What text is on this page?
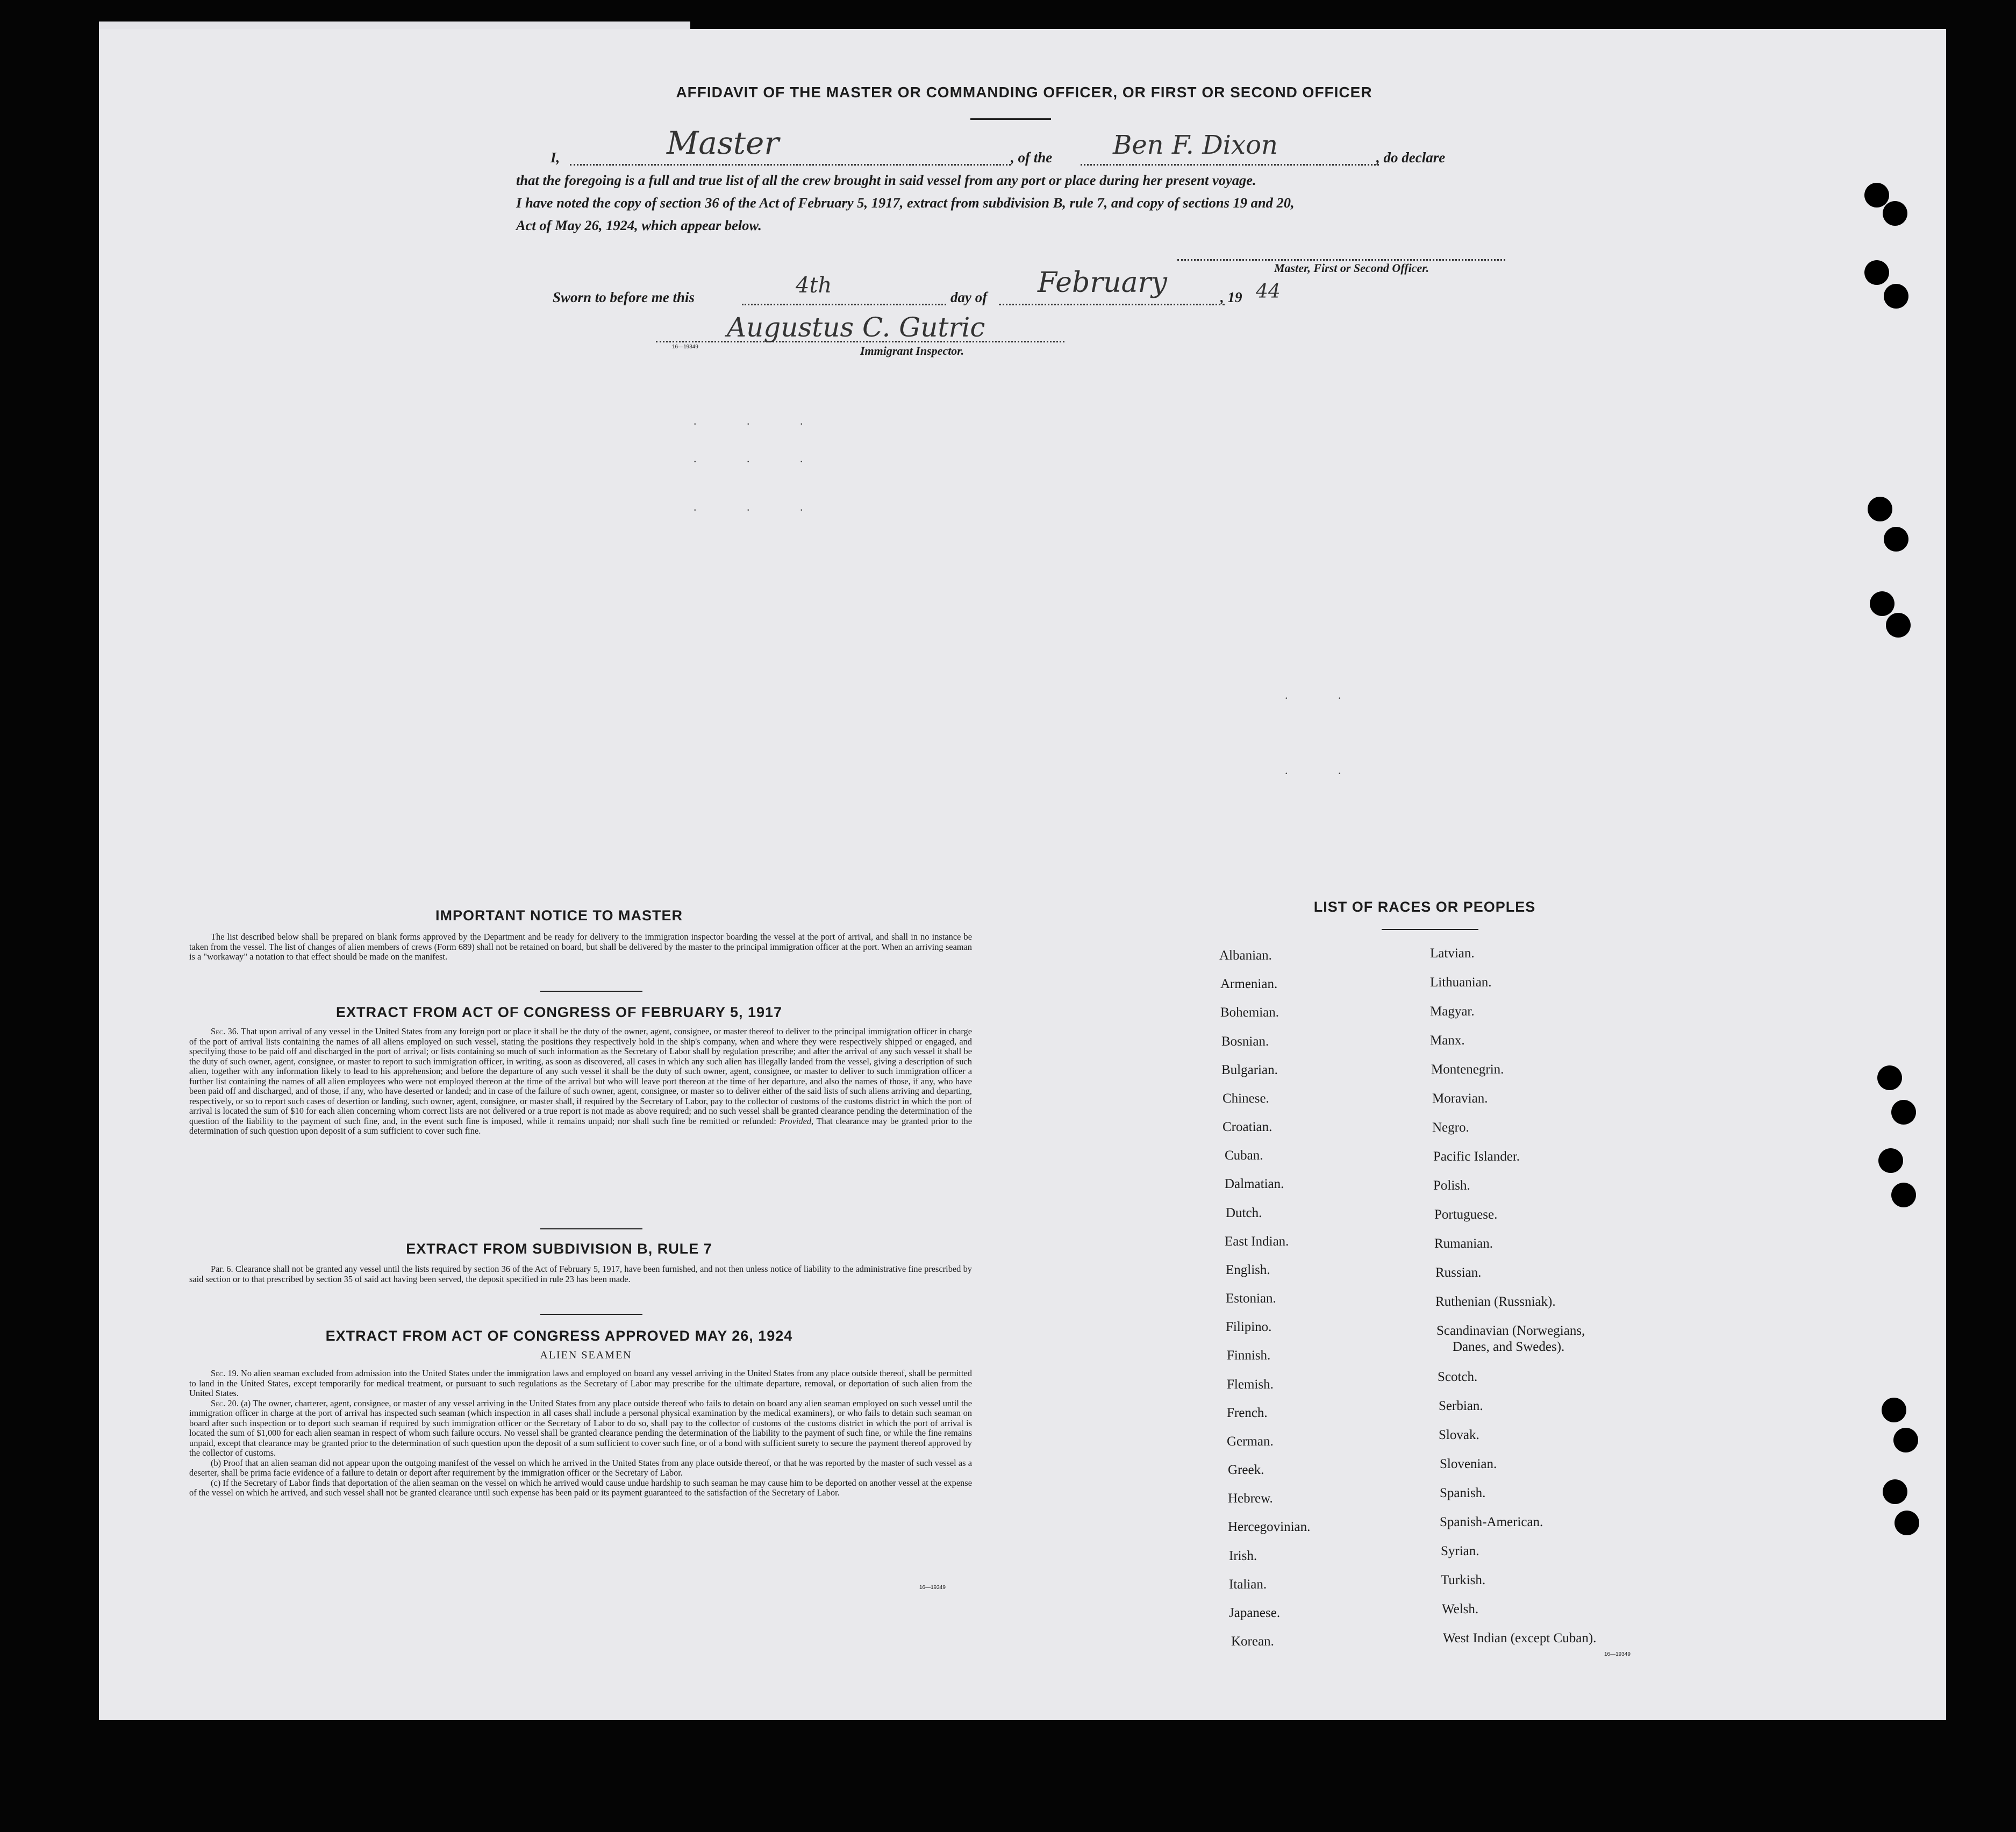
AFFIDAVIT OF THE MASTER OR COMMANDING OFFICER, OR FIRST OR SECOND OFFICER
I,	Master	, of the Ben F. Dixon	, do declare
that the foregoing is a full and true list of all the crew brought in said vessel from any port or place during her present voyage.
I have noted the copy of section 36 of the Act of February 5, 1917, extract from subdivision B, rule 7, and copy of sections 19 and 20,
Act of May 26, 1924, which appear below.
Master, First or Second Officer.
Sworn to before me this	4th	day of February	, 19 44
Augustus C. Gutric
16—19349	Immigrant Inspector.
. . .
. . .
. . .
. .
. .
IMPORTANT NOTICE TO MASTER

The list described below shall be prepared on blank forms approved by the Department and be ready for delivery to the immigration inspector boarding the vessel at the port of arrival, and shall in no instance be taken from the vessel. The list of changes of alien members of crews (Form 689) shall not be retained on board, but shall be delivered by the master to the principal immigration officer at the port. When an arriving seaman is a "workaway" a notation to that effect should be made on the manifest.

EXTRACT FROM ACT OF CONGRESS OF FEBRUARY 5, 1917

Sec. 36. That upon arrival of any vessel in the United States from any foreign port or place it shall be the duty of the owner, agent, consignee, or master thereof to deliver to the principal immigration officer in charge of the port of arrival lists containing the names of all aliens employed on such vessel, stating the positions they respectively hold in the ship's company, when and where they were respectively shipped or engaged, and specifying those to be paid off and discharged in the port of arrival; or lists containing so much of such information as the Secretary of Labor shall by regulation prescribe; and after the arrival of any such vessel it shall be the duty of such owner, agent, consignee, or master to report to such immigration officer, in writing, as soon as discovered, all cases in which any such alien has illegally landed from the vessel, giving a description of such alien, together with any information likely to lead to his apprehension; and before the departure of any such vessel it shall be the duty of such owner, agent, consignee, or master to deliver to such immigration officer a further list containing the names of all alien employees who were not employed thereon at the time of the arrival but who will leave port thereon at the time of her departure, and also the names of those, if any, who have been paid off and discharged, and of those, if any, who have deserted or landed; and in case of the failure of such owner, agent, consignee, or master so to deliver either of the said lists of such aliens arriving and departing, respectively, or so to report such cases of desertion or landing, such owner, agent, consignee, or master shall, if required by the Secretary of Labor, pay to the collector of customs of the customs district in which the port of arrival is located the sum of $10 for each alien concerning whom correct lists are not delivered or a true report is not made as above required; and no such vessel shall be granted clearance pending the determination of the question of the liability to the payment of such fine, and, in the event such fine is imposed, while it remains unpaid; nor shall such fine be remitted or refunded: Provided, That clearance may be granted prior to the determination of such question upon deposit of a sum sufficient to cover such fine.

EXTRACT FROM SUBDIVISION B, RULE 7

Par. 6. Clearance shall not be granted any vessel until the lists required by section 36 of the Act of February 5, 1917, have been furnished, and not then unless notice of liability to the administrative fine prescribed by said section or to that prescribed by section 35 of said act having been served, the deposit specified in rule 23 has been made.

EXTRACT FROM ACT OF CONGRESS APPROVED MAY 26, 1924
ALIEN SEAMEN

Sec. 19. No alien seaman excluded from admission into the United States under the immigration laws and employed on board any vessel arriving in the United States from any place outside thereof, shall be permitted to land in the United States, except temporarily for medical treatment, or pursuant to such regulations as the Secretary of Labor may prescribe for the ultimate departure, removal, or deportation of such alien from the United States.

Sec. 20. (a) The owner, charterer, agent, consignee, or master of any vessel arriving in the United States from any place outside thereof who fails to detain on board any alien seaman employed on such vessel until the immigration officer in charge at the port of arrival has inspected such seaman (which inspection in all cases shall include a personal physical examination by the medical examiners), or who fails to detain such seaman on board after such inspection or to deport such seaman if required by such immigration officer or the Secretary of Labor to do so, shall pay to the collector of customs of the customs district in which the port of arrival is located the sum of $1,000 for each alien seaman in respect of whom such failure occurs. No vessel shall be granted clearance pending the determination of the liability to the payment of such fine, or while the fine remains unpaid, except that clearance may be granted prior to the determination of such question upon the deposit of a sum sufficient to cover such fine, or of a bond with sufficient surety to secure the payment thereof approved by the collector of customs.

(b) Proof that an alien seaman did not appear upon the outgoing manifest of the vessel on which he arrived in the United States from any place outside thereof, or that he was reported by the master of such vessel as a deserter, shall be prima facie evidence of a failure to detain or deport after requirement by the immigration officer or the Secretary of Labor.

(c) If the Secretary of Labor finds that deportation of the alien seaman on the vessel on which he arrived would cause undue hardship to such seaman he may cause him to be deported on another vessel at the expense of the vessel on which he arrived, and such vessel shall not be granted clearance until such expense has been paid or its payment guaranteed to the satisfaction of the Secretary of Labor.

16—19349
LIST OF RACES OR PEOPLES
Albanian.
Armenian.
Bohemian.
Bosnian.
Bulgarian.
Chinese.
Croatian.
Cuban.
Dalmatian.
Dutch.
East Indian.
English.
Estonian.
Filipino.
Finnish.
Flemish.
French.
German.
Greek.
Hebrew.
Hercegovinian.
Irish.
Italian.
Japanese.
Korean.
Latvian.
Lithuanian.
Magyar.
Manx.
Montenegrin.
Moravian.
Negro.
Pacific Islander.
Polish.
Portuguese.
Rumanian.
Russian.
Ruthenian (Russniak).
Scandinavian (Norwegians,
Danes, and Swedes).
Scotch.
Serbian.
Slovak.
Slovenian.
Spanish.
Spanish-American.
Syrian.
Turkish.
Welsh.
West Indian (except Cuban).
16—19349
